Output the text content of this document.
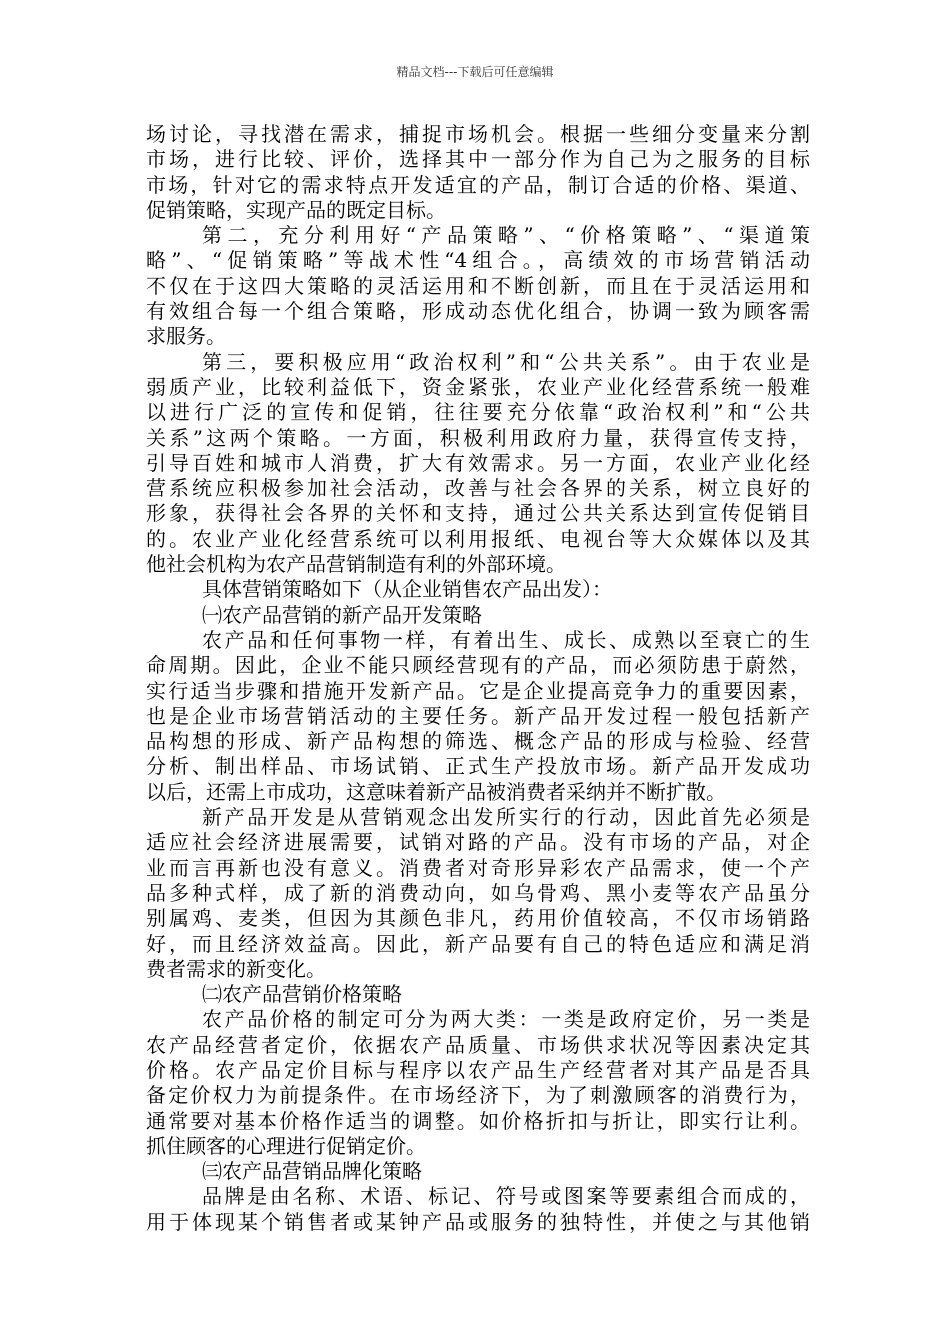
精品文档---下载后可任意编辑
场讨论，寻找潜在需求，捕捉市场机会。根据一些细分变量来分割
市场，进行比较、评价，选择其中一部分作为自己为之服务的目标
市场，针对它的需求特点开发适宜的产品，制订合适的价格、渠道、
促销策略，实现产品的既定目标。
第二，充分利用好“产品策略”、“价格策略”、“渠道策
略”、“促销策略”等战术性“4组合。，高绩效的市场营销活动
不仅在于这四大策略的灵活运用和不断创新，而且在于灵活运用和
有效组合每一个组合策略，形成动态优化组合，协调一致为顾客需
求服务。
第三，要积极应用“政治权利”和“公共关系”。由于农业是
弱质产业，比较利益低下，资金紧张，农业产业化经营系统一般难
以进行广泛的宣传和促销，往往要充分依靠“政治权利”和“公共
关系”这两个策略。一方面，积极利用政府力量，获得宣传支持，
引导百姓和城市人消费，扩大有效需求。另一方面，农业产业化经
营系统应积极参加社会活动，改善与社会各界的关系，树立良好的
形象，获得社会各界的关怀和支持，通过公共关系达到宣传促销目
的。农业产业化经营系统可以利用报纸、电视台等大众媒体以及其
他社会机构为农产品营销制造有利的外部环境。
具体营销策略如下（从企业销售农产品出发）：
㈠农产品营销的新产品开发策略
农产品和任何事物一样，有着出生、成长、成熟以至衰亡的生
命周期。因此，企业不能只顾经营现有的产品，而必须防患于蔚然，
实行适当步骤和措施开发新产品。它是企业提高竞争力的重要因素，
也是企业市场营销活动的主要任务。新产品开发过程一般包括新产
品构想的形成、新产品构想的筛选、概念产品的形成与检验、经营
分析、制出样品、市场试销、正式生产投放市场。新产品开发成功
以后，还需上市成功，这意味着新产品被消费者采纳并不断扩散。
新产品开发是从营销观念出发所实行的行动，因此首先必须是
适应社会经济进展需要，试销对路的产品。没有市场的产品，对企
业而言再新也没有意义。消费者对奇形异彩农产品需求，使一个产
品多种式样，成了新的消费动向，如乌骨鸡、黑小麦等农产品虽分
别属鸡、麦类，但因为其颜色非凡，药用价值较高，不仅市场销路
好，而且经济效益高。因此，新产品要有自己的特色适应和满足消
费者需求的新变化。
㈡农产品营销价格策略
农产品价格的制定可分为两大类：一类是政府定价，另一类是
农产品经营者定价，依据农产品质量、市场供求状况等因素决定其
价格。农产品定价目标与程序以农产品生产经营者对其产品是否具
备定价权力为前提条件。在市场经济下，为了刺激顾客的消费行为，
通常要对基本价格作适当的调整。如价格折扣与折让，即实行让利。
抓住顾客的心理进行促销定价。
㈢农产品营销品牌化策略
品牌是由名称、术语、标记、符号或图案等要素组合而成的，
用于体现某个销售者或某钟产品或服务的独特性，并使之与其他销
